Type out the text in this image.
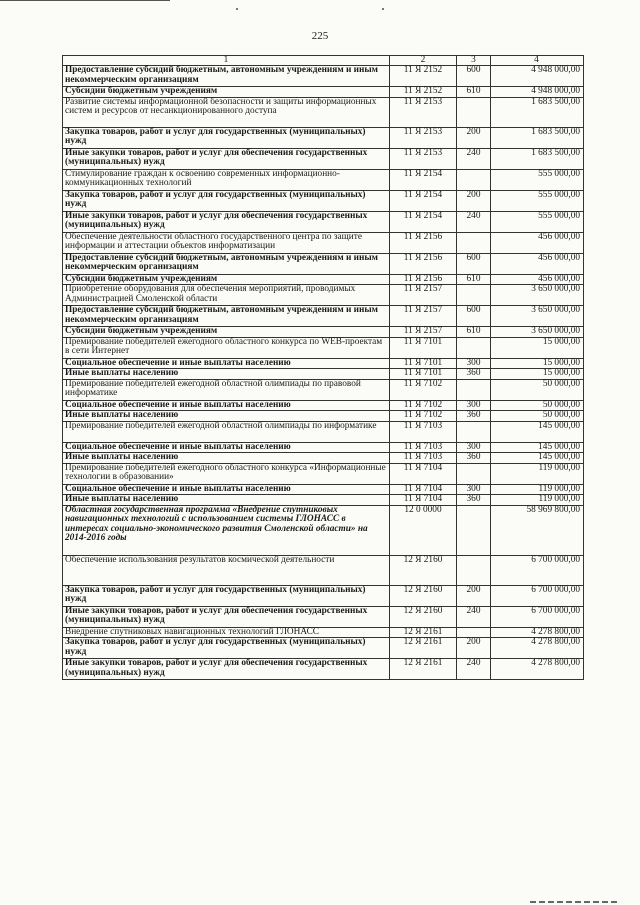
225
1	2	3	4
Предоставление субсидий бюджетным, автономным учреждениям и иным некоммерческим организациям	11 Я 2152	600	4 948 000,00
Субсидии бюджетным учреждениям	11 Я 2152	610	4 948 000,00
Развитие системы информационной безопасности и защиты информационных систем и ресурсов от несанкционированного доступа	11 Я 2153		1 683 500,00
Закупка товаров, работ и услуг для государственных (муниципальных) нужд	11 Я 2153	200	1 683 500,00
Иные закупки товаров, работ и услуг для обеспечения государственных (муниципальных) нужд	11 Я 2153	240	1 683 500,00
Стимулирование граждан к освоению современных информационно-коммуникационных технологий	11 Я 2154		555 000,00
Закупка товаров, работ и услуг для государственных (муниципальных) нужд	11 Я 2154	200	555 000,00
Иные закупки товаров, работ и услуг для обеспечения государственных (муниципальных) нужд	11 Я 2154	240	555 000,00
Обеспечение деятельности областного государственного центра по защите информации и аттестации объектов информатизации	11 Я 2156		456 000,00
Предоставление субсидий бюджетным, автономным учреждениям и иным некоммерческим организациям	11 Я 2156	600	456 000,00
Субсидии бюджетным учреждениям	11 Я 2156	610	456 000,00
Приобретение оборудования для обеспечения мероприятий, проводимых Администрацией Смоленской области	11 Я 2157		3 650 000,00
Предоставление субсидий бюджетным, автономным учреждениям и иным некоммерческим организациям	11 Я 2157	600	3 650 000,00
Субсидии бюджетным учреждениям	11 Я 2157	610	3 650 000,00
Премирование победителей ежегодного областного конкурса по WEB-проектам в сети Интернет	11 Я 7101		15 000,00
Социальное обеспечение и иные выплаты населению	11 Я 7101	300	15 000,00
Иные выплаты населению	11 Я 7101	360	15 000,00
Премирование победителей ежегодной областной олимпиады по правовой информатике	11 Я 7102		50 000,00
Социальное обеспечение и иные выплаты населению	11 Я 7102	300	50 000,00
Иные выплаты населению	11 Я 7102	360	50 000,00
Премирование победителей ежегодной областной олимпиады по информатике	11 Я 7103		145 000,00
Социальное обеспечение и иные выплаты населению	11 Я 7103	300	145 000,00
Иные выплаты населению	11 Я 7103	360	145 000,00
Премирование победителей ежегодного областного конкурса «Информационные технологии в образовании»	11 Я 7104		119 000,00
Социальное обеспечение и иные выплаты населению	11 Я 7104	300	119 000,00
Иные выплаты населению	11 Я 7104	360	119 000,00
Областная государственная программа «Внедрение спутниковых навигационных технологий с использованием системы ГЛОНАСС в интересах социально-экономического развития Смоленской области» на 2014-2016 годы	12 0 0000		58 969 800,00
Обеспечение использования результатов космической деятельности	12 Я 2160		6 700 000,00
Закупка товаров, работ и услуг для государственных (муниципальных) нужд	12 Я 2160	200	6 700 000,00
Иные закупки товаров, работ и услуг для обеспечения государственных (муниципальных) нужд	12 Я 2160	240	6 700 000,00
Внедрение спутниковых навигационных технологий ГЛОНАСС	12 Я 2161		4 278 800,00
Закупка товаров, работ и услуг для государственных (муниципальных) нужд	12 Я 2161	200	4 278 800,00
Иные закупки товаров, работ и услуг для обеспечения государственных (муниципальных) нужд	12 Я 2161	240	4 278 800,00
